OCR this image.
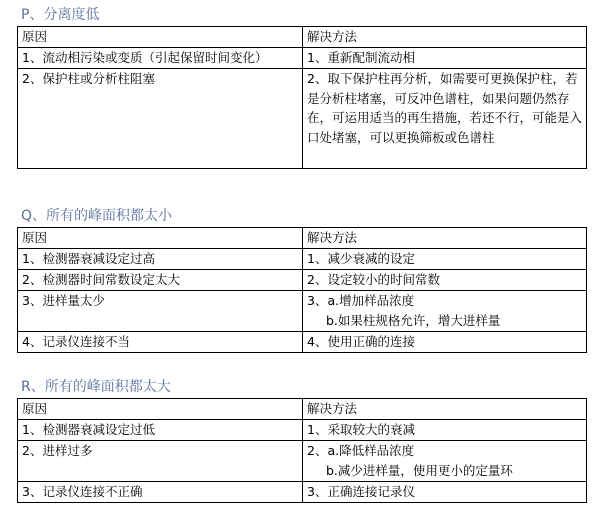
P、分离度低
原因	解决方法
1、流动相污染或变质（引起保留时间变化）	1、重新配制流动相

2、保护柱或分析柱阻塞	2、取下保护柱再分析，如需要可更换保护柱，若是分析柱堵塞，可反冲色谱柱，如果问题仍然存在，可运用适当的再生措施，若还不行，可能是入口处堵塞，可以更换筛板或色谱柱
Q、所有的峰面积都太小
原因	解决方法
1、检测器衰减设定过高	1、减少衰减的设定

2、检测器时间常数设定太大	2、设定较小的时间常数

3、进样量太少	3、a.增加样品浓度
b.如果柱规格允许，增大进样量

4、记录仪连接不当	4、使用正确的连接
R、所有的峰面积都太大
原因	解决方法
1、检测器衰减设定过低	1、采取较大的衰减

2、进样过多	2、a.降低样品浓度
b.减少进样量，使用更小的定量环

3、记录仪连接不正确	3、正确连接记录仪
